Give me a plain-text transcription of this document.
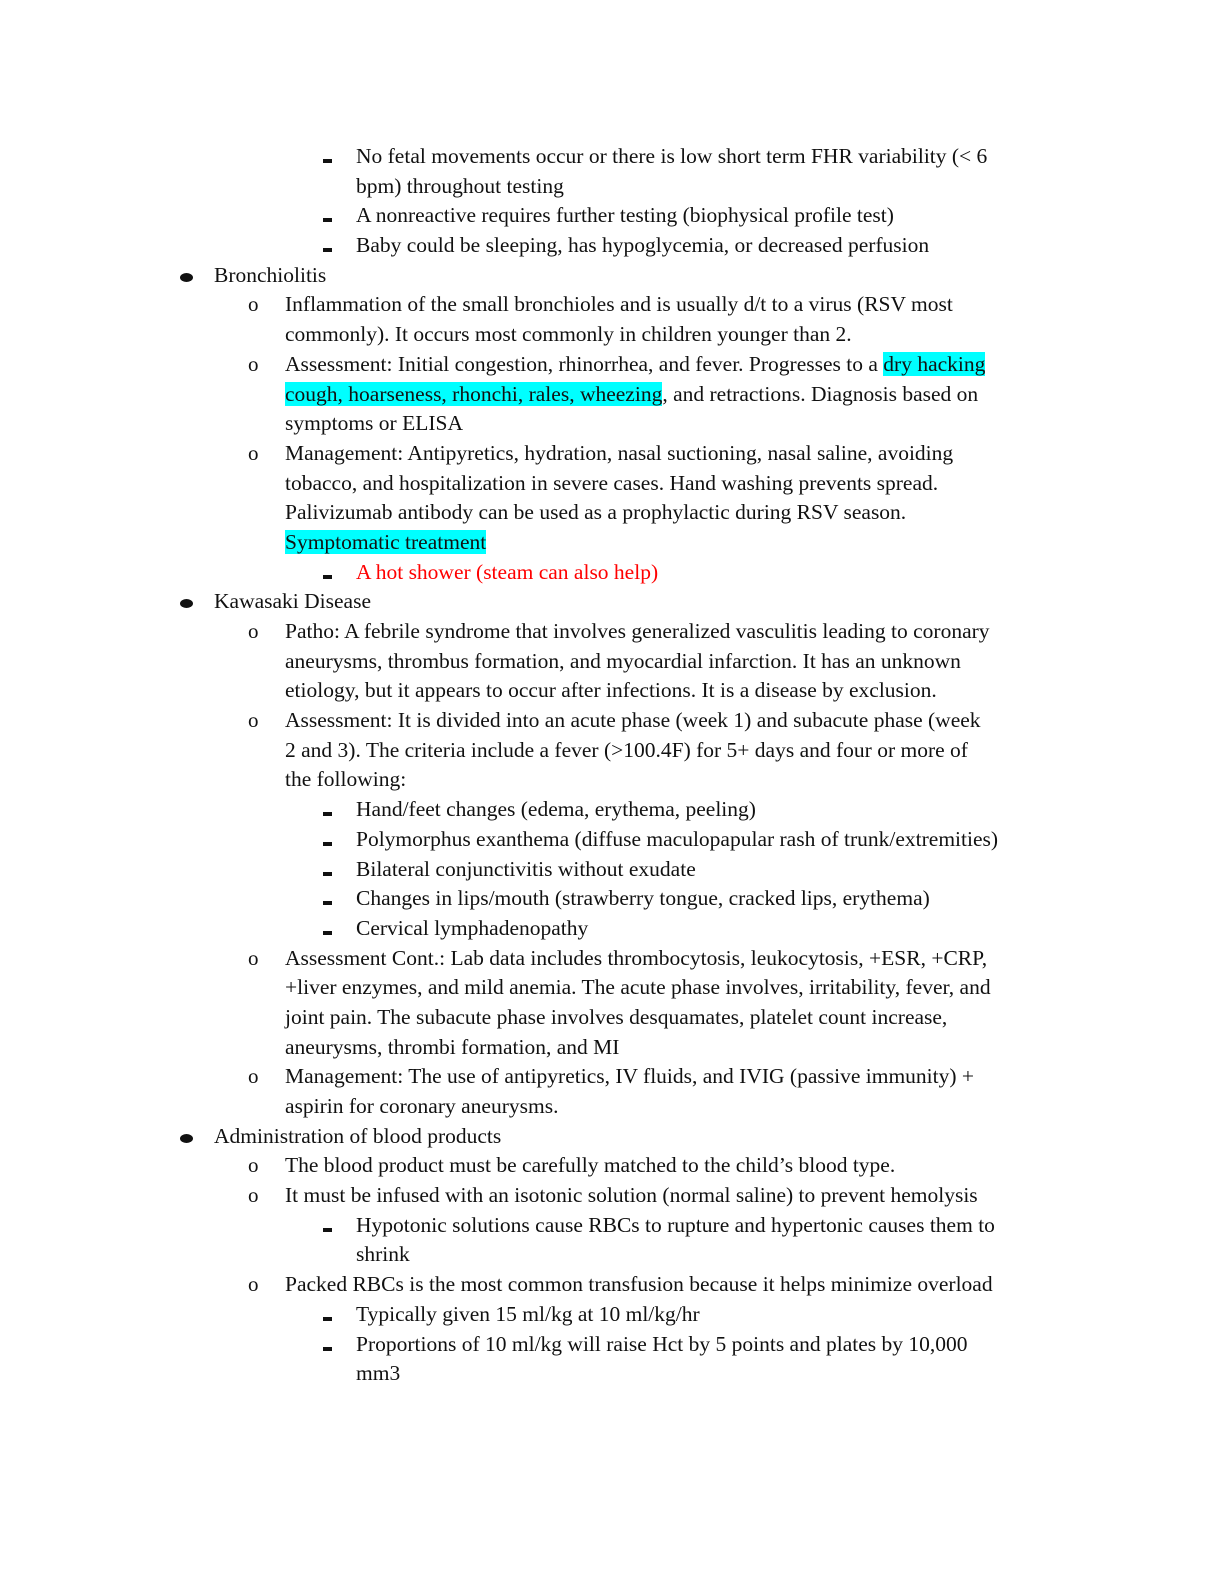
No fetal movements occur or there is low short term FHR variability (< 6
bpm) throughout testing
A nonreactive requires further testing (biophysical profile test)
Baby could be sleeping, has hypoglycemia, or decreased perfusion
Bronchiolitis
o Inflammation of the small bronchioles and is usually d/t to a virus (RSV most
commonly). It occurs most commonly in children younger than 2.
o Assessment: Initial congestion, rhinorrhea, and fever. Progresses to a dry hacking
cough, hoarseness, rhonchi, rales, wheezing, and retractions. Diagnosis based on
symptoms or ELISA
o Management: Antipyretics, hydration, nasal suctioning, nasal saline, avoiding
tobacco, and hospitalization in severe cases. Hand washing prevents spread.
Palivizumab antibody can be used as a prophylactic during RSV season.
Symptomatic treatment
A hot shower (steam can also help)
Kawasaki Disease
o Patho: A febrile syndrome that involves generalized vasculitis leading to coronary
aneurysms, thrombus formation, and myocardial infarction. It has an unknown
etiology, but it appears to occur after infections. It is a disease by exclusion.
o Assessment: It is divided into an acute phase (week 1) and subacute phase (week
2 and 3). The criteria include a fever (>100.4F) for 5+ days and four or more of
the following:
Hand/feet changes (edema, erythema, peeling)
Polymorphus exanthema (diffuse maculopapular rash of trunk/extremities)
Bilateral conjunctivitis without exudate
Changes in lips/mouth (strawberry tongue, cracked lips, erythema)
Cervical lymphadenopathy
o Assessment Cont.: Lab data includes thrombocytosis, leukocytosis, +ESR, +CRP,
+liver enzymes, and mild anemia. The acute phase involves, irritability, fever, and
joint pain. The subacute phase involves desquamates, platelet count increase,
aneurysms, thrombi formation, and MI
o Management: The use of antipyretics, IV fluids, and IVIG (passive immunity) +
aspirin for coronary aneurysms.
Administration of blood products
o The blood product must be carefully matched to the child’s blood type.
o It must be infused with an isotonic solution (normal saline) to prevent hemolysis
Hypotonic solutions cause RBCs to rupture and hypertonic causes them to
shrink
o Packed RBCs is the most common transfusion because it helps minimize overload
Typically given 15 ml/kg at 10 ml/kg/hr
Proportions of 10 ml/kg will raise Hct by 5 points and plates by 10,000
mm3
